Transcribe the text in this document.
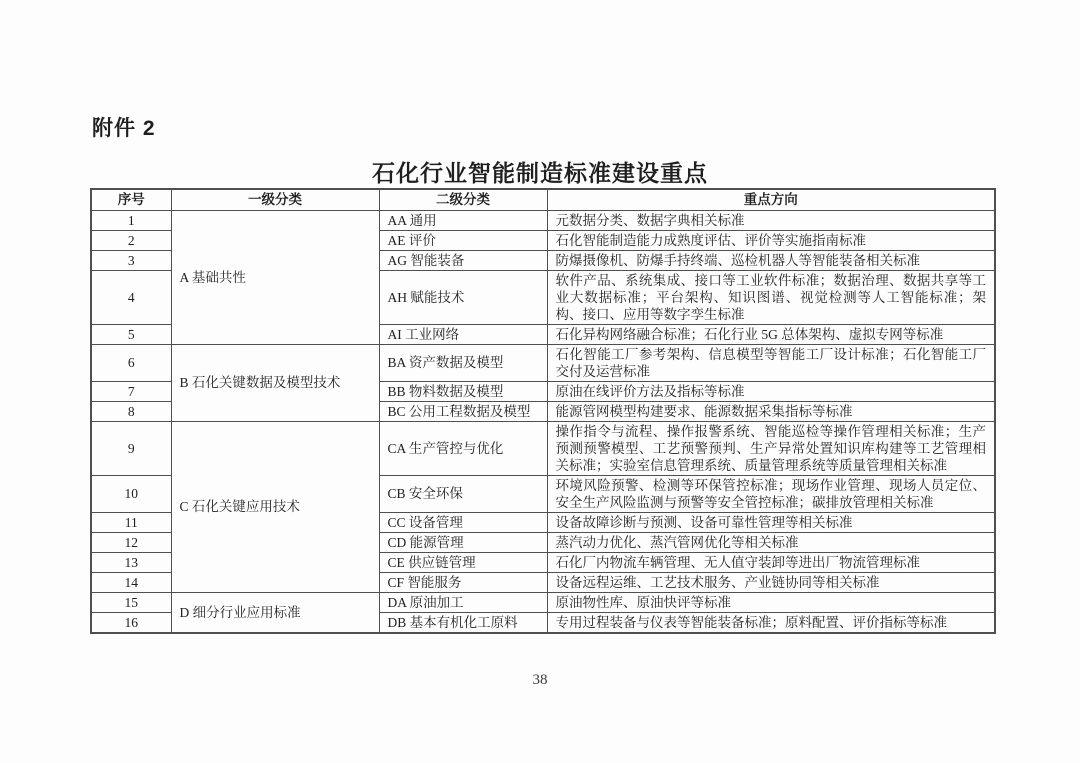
附件 2
石化行业智能制造标准建设重点
序号	一级分类	二级分类	重点方向
1	A 基础共性	AA 通用	元数据分类、数据字典相关标准
2		AE 评价	石化智能制造能力成熟度评估、评价等实施指南标准
3		AG 智能装备	防爆摄像机、防爆手持终端、巡检机器人等智能装备相关标准
4		AH 赋能技术	软件产品、系统集成、接口等工业软件标准；数据治理、数据共享等工业大数据标准；平台架构、知识图谱、视觉检测等人工智能标准；架构、接口、应用等数字孪生标准
5		AI 工业网络	石化异构网络融合标准；石化行业 5G 总体架构、虚拟专网等标准
6	B 石化关键数据及模型技术	BA 资产数据及模型	石化智能工厂参考架构、信息模型等智能工厂设计标准；石化智能工厂交付及运营标准
7		BB 物料数据及模型	原油在线评价方法及指标等标准
8		BC 公用工程数据及模型	能源管网模型构建要求、能源数据采集指标等标准
9	C 石化关键应用技术	CA 生产管控与优化	操作指令与流程、操作报警系统、智能巡检等操作管理相关标准；生产预测预警模型、工艺预警预判、生产异常处置知识库构建等工艺管理相关标准；实验室信息管理系统、质量管理系统等质量管理相关标准
10		CB 安全环保	环境风险预警、检测等环保管控标准；现场作业管理、现场人员定位、安全生产风险监测与预警等安全管控标准；碳排放管理相关标准
11		CC 设备管理	设备故障诊断与预测、设备可靠性管理等相关标准
12		CD 能源管理	蒸汽动力优化、蒸汽管网优化等相关标准
13		CE 供应链管理	石化厂内物流车辆管理、无人值守装卸等进出厂物流管理标准
14		CF 智能服务	设备远程运维、工艺技术服务、产业链协同等相关标准
15	D 细分行业应用标准	DA 原油加工	原油物性库、原油快评等标准
16		DB 基本有机化工原料	专用过程装备与仪表等智能装备标准；原料配置、评价指标等标准
38
